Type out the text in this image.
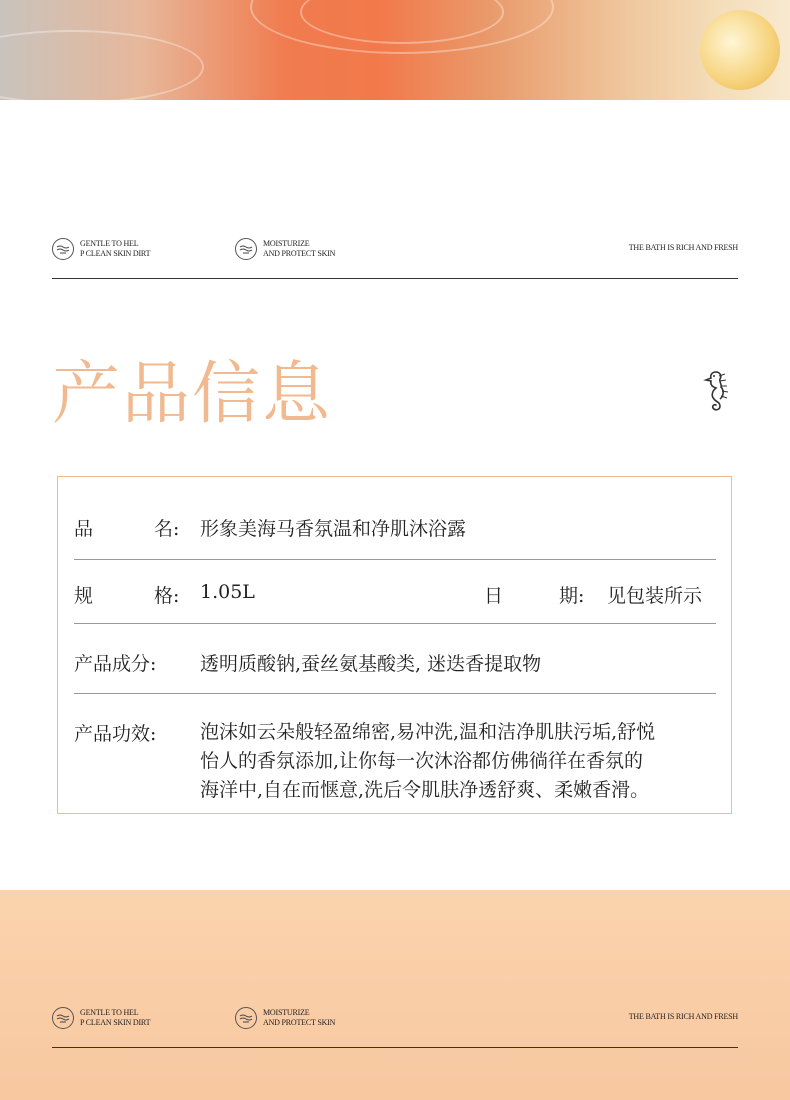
GENTLE TO HEL
P CLEAN SKIN DIRT
MOISTURIZE
AND PROTECT SKIN
THE BATH IS RICH AND FRESH
产品信息
品	名: 形象美海马香氛温和净肌沐浴露
规	格: 1.05L	日	期: 见包装所示
产品成分:	透明质酸钠,蚕丝氨基酸类, 迷迭香提取物
产品功效:	泡沫如云朵般轻盈绵密,易冲洗,温和洁净肌肤污垢,舒悦
怡人的香氛添加,让你每一次沐浴都仿佛徜徉在香氛的
海洋中,自在而惬意,洗后令肌肤净透舒爽、柔嫩香滑。
GENTLE TO HEL
P CLEAN SKIN DIRT
MOISTURIZE
AND PROTECT SKIN
THE BATH IS RICH AND FRESH
